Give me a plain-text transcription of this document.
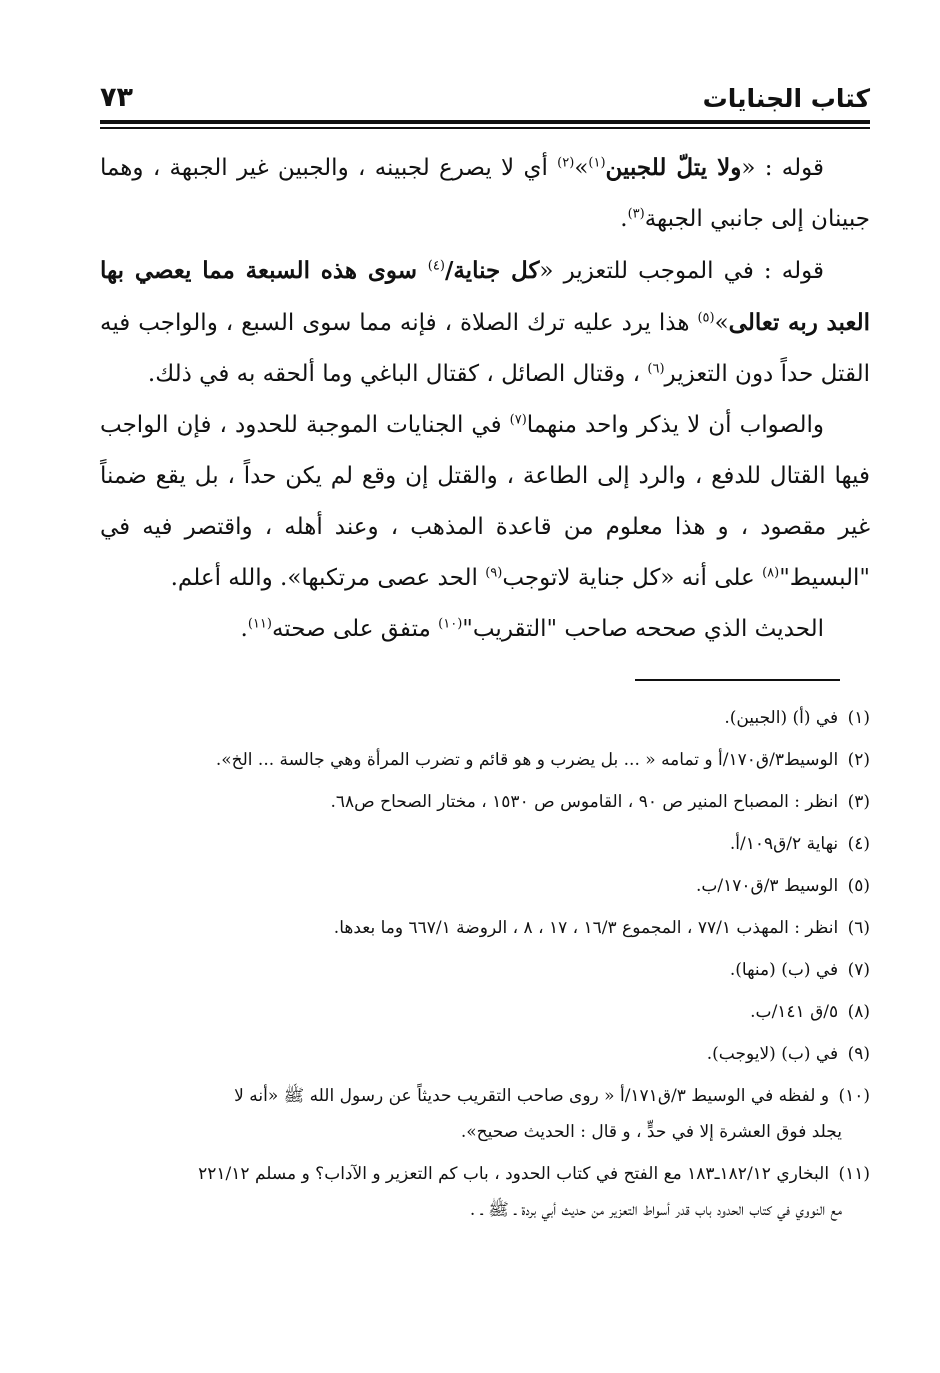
كتاب الجنايات
٧٣

قوله : «ولا يتلّ للجبين$^{(١)}$»$^{(٢)}$ أي لا يصرع لجبينه ، والجبين غير الجبهة ، وهما جبينان إلى جانبي الجبهة$^{(٣)}$.

قوله : في الموجب للتعزير «كل جناية/$^{(٤)}$ سوى هذه السبعة مما يعصي بها العبد ربه تعالى»$^{(٥)}$ هذا يرد عليه ترك الصلاة ، فإنه مما سوى السبع ، والواجب فيه القتل حداً دون التعزير$^{(٦)}$ ، وقتال الصائل ، كقتال الباغي وما ألحقه به في ذلك.

والصواب أن لا يذكر واحد منهما$^{(٧)}$ في الجنايات الموجبة للحدود ، فإن الواجب فيها القتال للدفع ، والرد إلى الطاعة ، والقتل إن وقع لم يكن حداً ، بل يقع ضمناً غير مقصود ، و هذا معلوم من قاعدة المذهب ، وعند أهله ، واقتصر فيه في "البسيط"$^{(٨)}$ على أنه «كل جناية لاتوجب$^{(٩)}$ الحد عصى مرتكبها». والله أعلم.

الحديث الذي صححه صاحب "التقريب"$^{(١٠)}$ متفق على صحته$^{(١١)}$.

(١) في (أ) (الجبين).

(٢) الوسيط٣/ق١٧٠/أ و تمامه « ... بل يضرب و هو قائم و تضرب المرأة وهي جالسة ... الخ».

(٣) انظر : المصباح المنير ص ٩٠ ، القاموس ص ١٥٣٠ ، مختار الصحاح ص٦٨.

(٤) نهاية ٢/ق١٠٩/أ.

(٥) الوسيط ٣/ق١٧٠/ب.

(٦) انظر : المهذب ٧٧/١ ، المجموع ١٦/٣ ، ١٧ ، ٨ ، الروضة ٦٦٧/١ وما بعدها.

(٧) في (ب) (منها).

(٨) ٥/ق ١٤١/ب.

(٩) في (ب) (لايوجب).

(١٠) و لفظه في الوسيط ٣/ق١٧١/أ « روى صاحب التقريب حديثاً عن رسول الله ﷺ «أنه لا
يجلد فوق العشرة إلا في حدٍّ ، و قال : الحديث صحيح».

(١١) البخاري ١٨٢/١٢ـ١٨٣ مع الفتح في كتاب الحدود ، باب كم التعزير و الآداب؟ و مسلم ٢٢١/١٢
مع النووي في كتاب الحدود باب قدر أسواط التعزير من حديث أبي بردة ـ ﷺ ـ .
